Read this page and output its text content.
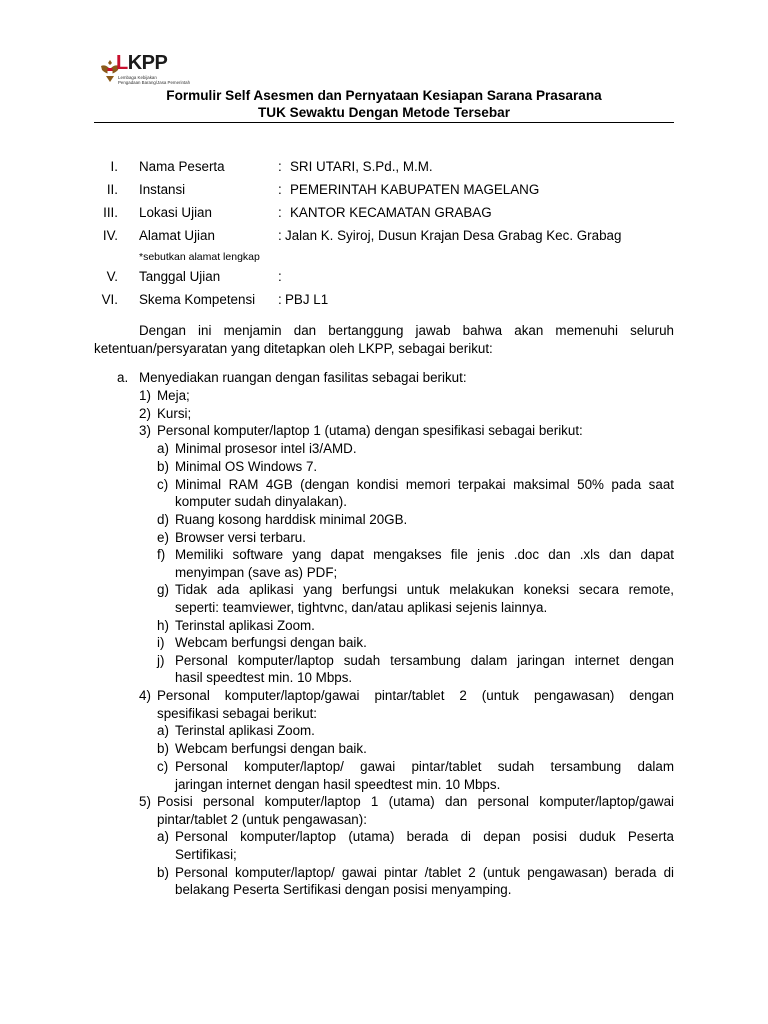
LKPP
Lembaga Kebijakan
Pengadaan Barang/Jasa Pemerintah
Formulir Self Asesmen dan Pernyataan Kesiapan Sarana Prasarana
TUK Sewaktu Dengan Metode Tersebar
I. Nama Peserta	: SRI UTARI, S.Pd., M.M.
II. Instansi	: PEMERINTAH KABUPATEN MAGELANG
III. Lokasi Ujian	: KANTOR KECAMATAN GRABAG
IV. Alamat Ujian	: Jalan K. Syiroj, Dusun Krajan Desa Grabag Kec. Grabag
*sebutkan alamat lengkap
V. Tanggal Ujian	:
VI. Skema Kompetensi : PBJ L1
Dengan ini menjamin dan bertanggung jawab bahwa akan memenuhi seluruh
ketentuan/persyaratan yang ditetapkan oleh LKPP, sebagai berikut:
a. Menyediakan ruangan dengan fasilitas sebagai berikut:
1) Meja;
2) Kursi;
3) Personal komputer/laptop 1 (utama) dengan spesifikasi sebagai berikut:
a) Minimal prosesor intel i3/AMD.
b) Minimal OS Windows 7.
c) Minimal RAM 4GB (dengan kondisi memori terpakai maksimal 50% pada saat
komputer sudah dinyalakan).
d) Ruang kosong harddisk minimal 20GB.
e) Browser versi terbaru.
f) Memiliki software yang dapat mengakses file jenis .doc dan .xls dan dapat
menyimpan (save as) PDF;
g) Tidak ada aplikasi yang berfungsi untuk melakukan koneksi secara remote,
seperti: teamviewer, tightvnc, dan/atau aplikasi sejenis lainnya.
h) Terinstal aplikasi Zoom.
i) Webcam berfungsi dengan baik.
j) Personal komputer/laptop sudah tersambung dalam jaringan internet dengan
hasil speedtest min. 10 Mbps.
4) Personal komputer/laptop/gawai pintar/tablet 2 (untuk pengawasan) dengan
spesifikasi sebagai berikut:
a) Terinstal aplikasi Zoom.
b) Webcam berfungsi dengan baik.
c) Personal komputer/laptop/ gawai pintar/tablet sudah tersambung dalam
jaringan internet dengan hasil speedtest min. 10 Mbps.
5) Posisi personal komputer/laptop 1 (utama) dan personal komputer/laptop/gawai
pintar/tablet 2 (untuk pengawasan):
a) Personal komputer/laptop (utama) berada di depan posisi duduk Peserta
Sertifikasi;
b) Personal komputer/laptop/ gawai pintar /tablet 2 (untuk pengawasan) berada di
belakang Peserta Sertifikasi dengan posisi menyamping.
